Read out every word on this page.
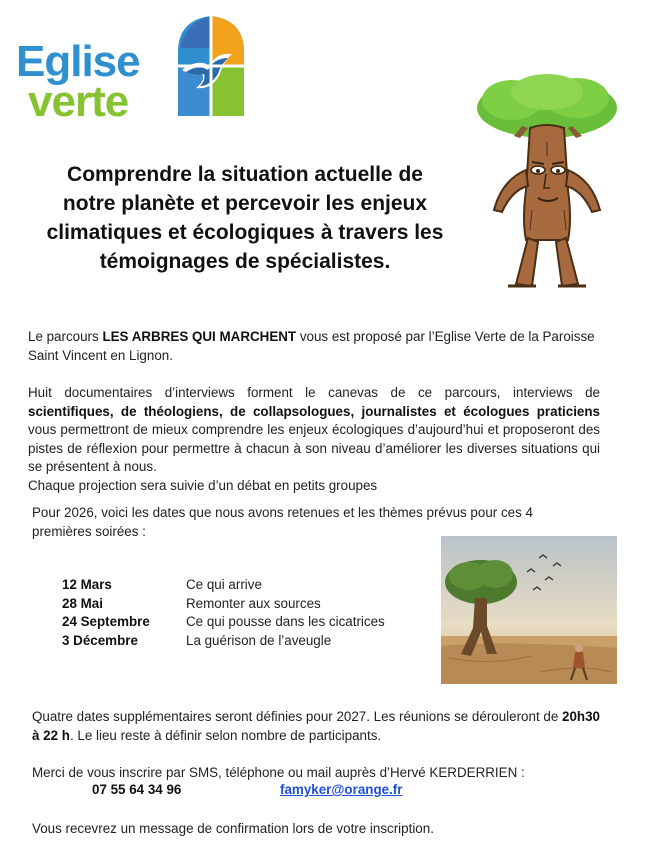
Eglise
verte
Comprendre la situation actuelle de notre planète et percevoir les enjeux climatiques et écologiques à travers les témoignages de spécialistes.
Le parcours LES ARBRES QUI MARCHENT vous est proposé par l’Eglise Verte de la Paroisse Saint Vincent en Lignon.
Huit documentaires d’interviews forment le canevas de ce parcours, interviews de scientifiques, de théologiens, de collapsologues, journalistes et écologues praticiens vous permettront de mieux comprendre les enjeux écologiques d’aujourd’hui et proposeront des pistes de réflexion pour permettre à chacun à son niveau d’améliorer les diverses situations qui se présentent à nous.
Chaque projection sera suivie d’un débat en petits groupes
Pour 2026, voici les dates que nous avons retenues et les thèmes prévus pour ces 4 premières soirées :
12 Mars	Ce qui arrive
28 Mai	Remonter aux sources
24 Septembre	Ce qui pousse dans les cicatrices
3 Décembre	La guérison de l’aveugle
Quatre dates supplémentaires seront définies pour 2027. Les réunions se dérouleront de 20h30 à 22 h. Le lieu reste à définir selon nombre de participants.
Merci de vous inscrire par SMS, téléphone ou mail auprès d’Hervé KERDERRIEN :
07 55 64 34 96	famyker@orange.fr
Vous recevrez un message de confirmation lors de votre inscription.
